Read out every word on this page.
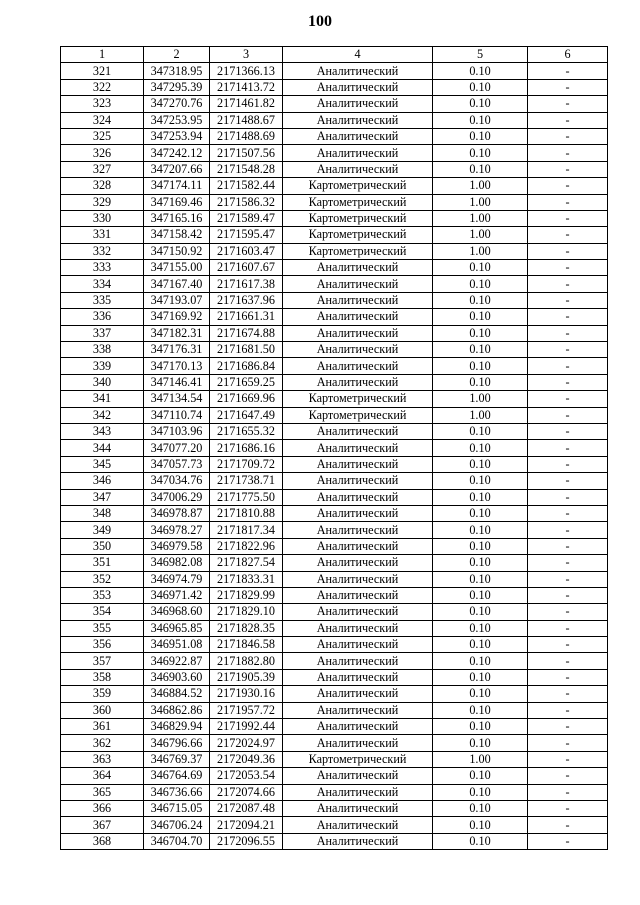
100
1	2	3	4	5	6
321	347318.95	2171366.13	Аналитический	0.10	-
322	347295.39	2171413.72	Аналитический	0.10	-
323	347270.76	2171461.82	Аналитический	0.10	-
324	347253.95	2171488.67	Аналитический	0.10	-
325	347253.94	2171488.69	Аналитический	0.10	-
326	347242.12	2171507.56	Аналитический	0.10	-
327	347207.66	2171548.28	Аналитический	0.10	-
328	347174.11	2171582.44	Картометрический	1.00	-
329	347169.46	2171586.32	Картометрический	1.00	-
330	347165.16	2171589.47	Картометрический	1.00	-
331	347158.42	2171595.47	Картометрический	1.00	-
332	347150.92	2171603.47	Картометрический	1.00	-
333	347155.00	2171607.67	Аналитический	0.10	-
334	347167.40	2171617.38	Аналитический	0.10	-
335	347193.07	2171637.96	Аналитический	0.10	-
336	347169.92	2171661.31	Аналитический	0.10	-
337	347182.31	2171674.88	Аналитический	0.10	-
338	347176.31	2171681.50	Аналитический	0.10	-
339	347170.13	2171686.84	Аналитический	0.10	-
340	347146.41	2171659.25	Аналитический	0.10	-
341	347134.54	2171669.96	Картометрический	1.00	-
342	347110.74	2171647.49	Картометрический	1.00	-
343	347103.96	2171655.32	Аналитический	0.10	-
344	347077.20	2171686.16	Аналитический	0.10	-
345	347057.73	2171709.72	Аналитический	0.10	-
346	347034.76	2171738.71	Аналитический	0.10	-
347	347006.29	2171775.50	Аналитический	0.10	-
348	346978.87	2171810.88	Аналитический	0.10	-
349	346978.27	2171817.34	Аналитический	0.10	-
350	346979.58	2171822.96	Аналитический	0.10	-
351	346982.08	2171827.54	Аналитический	0.10	-
352	346974.79	2171833.31	Аналитический	0.10	-
353	346971.42	2171829.99	Аналитический	0.10	-
354	346968.60	2171829.10	Аналитический	0.10	-
355	346965.85	2171828.35	Аналитический	0.10	-
356	346951.08	2171846.58	Аналитический	0.10	-
357	346922.87	2171882.80	Аналитический	0.10	-
358	346903.60	2171905.39	Аналитический	0.10	-
359	346884.52	2171930.16	Аналитический	0.10	-
360	346862.86	2171957.72	Аналитический	0.10	-
361	346829.94	2171992.44	Аналитический	0.10	-
362	346796.66	2172024.97	Аналитический	0.10	-
363	346769.37	2172049.36	Картометрический	1.00	-
364	346764.69	2172053.54	Аналитический	0.10	-
365	346736.66	2172074.66	Аналитический	0.10	-
366	346715.05	2172087.48	Аналитический	0.10	-
367	346706.24	2172094.21	Аналитический	0.10	-
368	346704.70	2172096.55	Аналитический	0.10	-
